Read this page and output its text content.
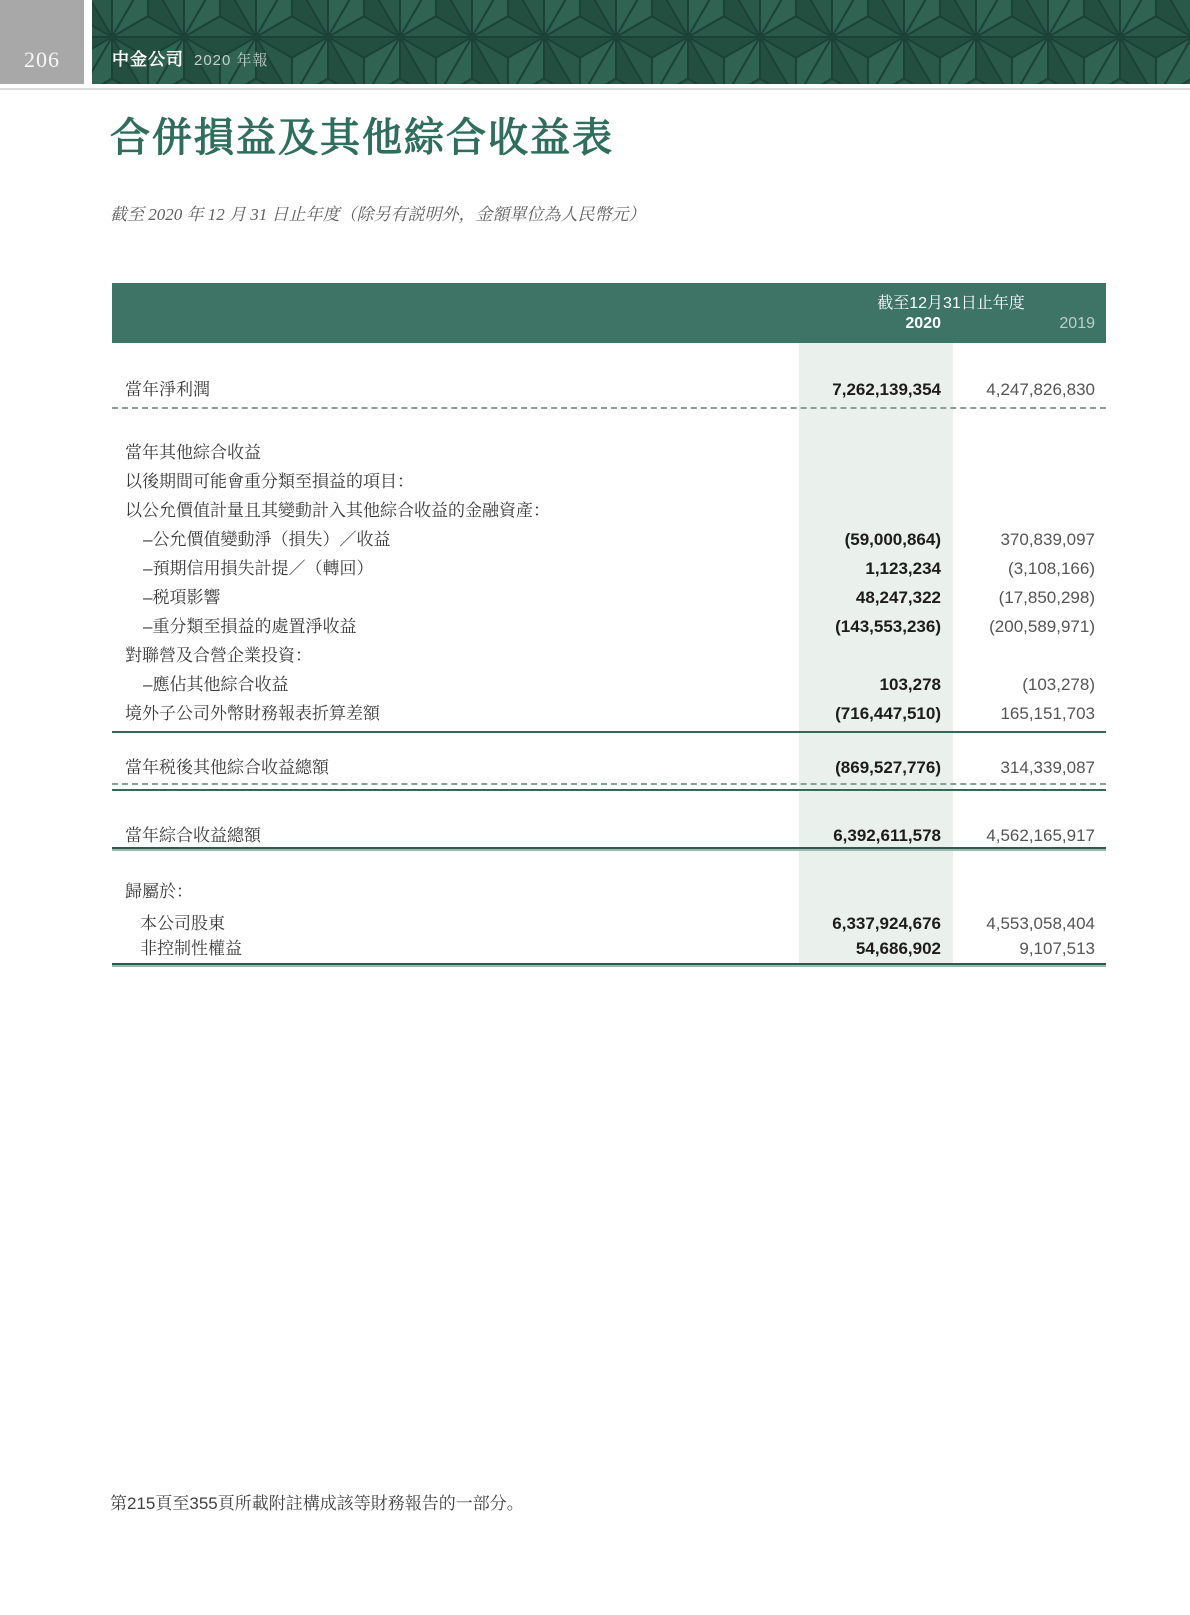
206	中金公司 2020 年報
合併損益及其他綜合收益表
截至 2020 年 12 月 31 日止年度（除另有説明外，金額單位為人民幣元）
截至12月31日止年度
2020	2019
當年淨利潤	7,262,139,354	4,247,826,830
當年其他綜合收益
以後期間可能會重分類至損益的項目：
以公允價值計量且其變動計入其他綜合收益的金融資產：
–公允價值變動淨（損失）／收益	(59,000,864)	370,839,097
–預期信用損失計提／（轉回）	1,123,234	(3,108,166)
–税項影響	48,247,322	(17,850,298)
–重分類至損益的處置淨收益	(143,553,236)	(200,589,971)
對聯營及合營企業投資：
–應佔其他綜合收益	103,278	(103,278)
境外子公司外幣財務報表折算差額	(716,447,510)	165,151,703
當年税後其他綜合收益總額	(869,527,776)	314,339,087
當年綜合收益總額	6,392,611,578	4,562,165,917
歸屬於：
本公司股東	6,337,924,676	4,553,058,404
非控制性權益	54,686,902	9,107,513
第215頁至355頁所載附註構成該等財務報告的一部分。
